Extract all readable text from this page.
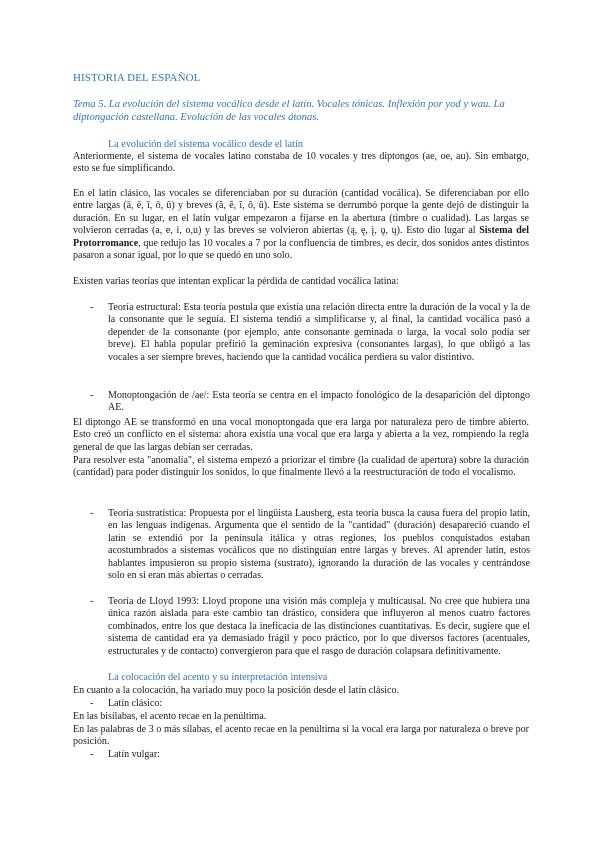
HISTORIA DEL ESPAÑOL
Tema 5. La evolución del sistema vocálico desde el latín. Vocales tónicas. Inflexión por yod y wau. La diptongación castellana. Evolución de las vocales átonas.
La evolución del sistema vocálico desde el latín
Anteriormente, el sistema de vocales latino constaba de 10 vocales y tres diptongos (ae, oe, au). Sin embargo, esto se fue simplificando.
En el latín clásico, las vocales se diferenciaban por su duración (cantidad vocálica). Se diferenciaban por ello entre largas (ā, ē, ī, ō, ū) y breves (ă, ĕ, ĭ, ŏ, ŭ). Este sistema se derrumbó porque la gente dejó de distinguir la duración. En su lugar, en el latín vulgar empezaron a fijarse en la abertura (timbre o cualidad). Las largas se volvieron cerradas (a, e, i, o,u) y las breves se volvieron abiertas (ą, ę, į, ǫ, ų). Esto dio lugar al Sistema del Protorromance, que redujo las 10 vocales a 7 por la confluencia de timbres, es decir, dos sonidos antes distintos pasaron a sonar igual, por lo que se quedó en uno solo.
Existen varias teorías que intentan explicar la pérdida de cantidad vocálica latina:
- Teoría estructural: Esta teoría postula que existía una relación directa entre la duración de la vocal y la de la consonante que le seguía. El sistema tendió a simplificarse y, al final, la cantidad vocálica pasó a depender de la consonante (por ejemplo, ante consonante geminada o larga, la vocal solo podía ser breve). El habla popular prefirió la geminación expresiva (consonantes largas), lo que obligó a las vocales a ser siempre breves, haciendo que la cantidad vocálica perdiera su valor distintivo.
- Monoptongación de /ae/: Esta teoría se centra en el impacto fonológico de la desaparición del diptongo AE.
El diptongo AE se transformó en una vocal monoptongada que era larga por naturaleza pero de timbre abierto. Esto creó un conflicto en el sistema: ahora existía una vocal que era larga y abierta a la vez, rompiendo la regla general de que las largas debían ser cerradas.
Para resolver esta "anomalía", el sistema empezó a priorizar el timbre (la cualidad de apertura) sobre la duración (cantidad) para poder distinguir los sonidos, lo que finalmente llevó a la reestructuración de todo el vocalismo.
- Teoría sustratística: Propuesta por el lingüista Lausberg, esta teoría busca la causa fuera del propio latín, en las lenguas indígenas. Argumenta que el sentido de la "cantidad" (duración) desapareció cuando el latín se extendió por la península itálica y otras regiones, los pueblos conquistados estaban acostumbrados a sistemas vocálicos que no distinguían entre largas y breves. Al aprender latín, estos hablantes impusieron su propio sistema (sustrato), ignorando la duración de las vocales y centrándose solo en si eran más abiertas o cerradas.
- Teoría de Lloyd 1993: Lloyd propone una visión más compleja y multicausal. No cree que hubiera una única razón aislada para este cambio tan drástico, considera que influyeron al menos cuatro factores combinados, entre los que destaca la ineficacia de las distinciones cuantitativas. Es decir, sugiere que el sistema de cantidad era ya demasiado frágil y poco práctico, por lo que diversos factores (acentuales, estructurales y de contacto) convergieron para que el rasgo de duración colapsara definitivamente.
La colocación del acento y su interpretación intensiva
En cuanto a la colocación, ha variado muy poco la posición desde el latín clásico.
- Latín clásico:
En las bisílabas, el acento recae en la penúltima.
En las palabras de 3 o más sílabas, el acento recae en la penúltima si la vocal era larga por naturaleza o breve por posición.
- Latín vulgar:
